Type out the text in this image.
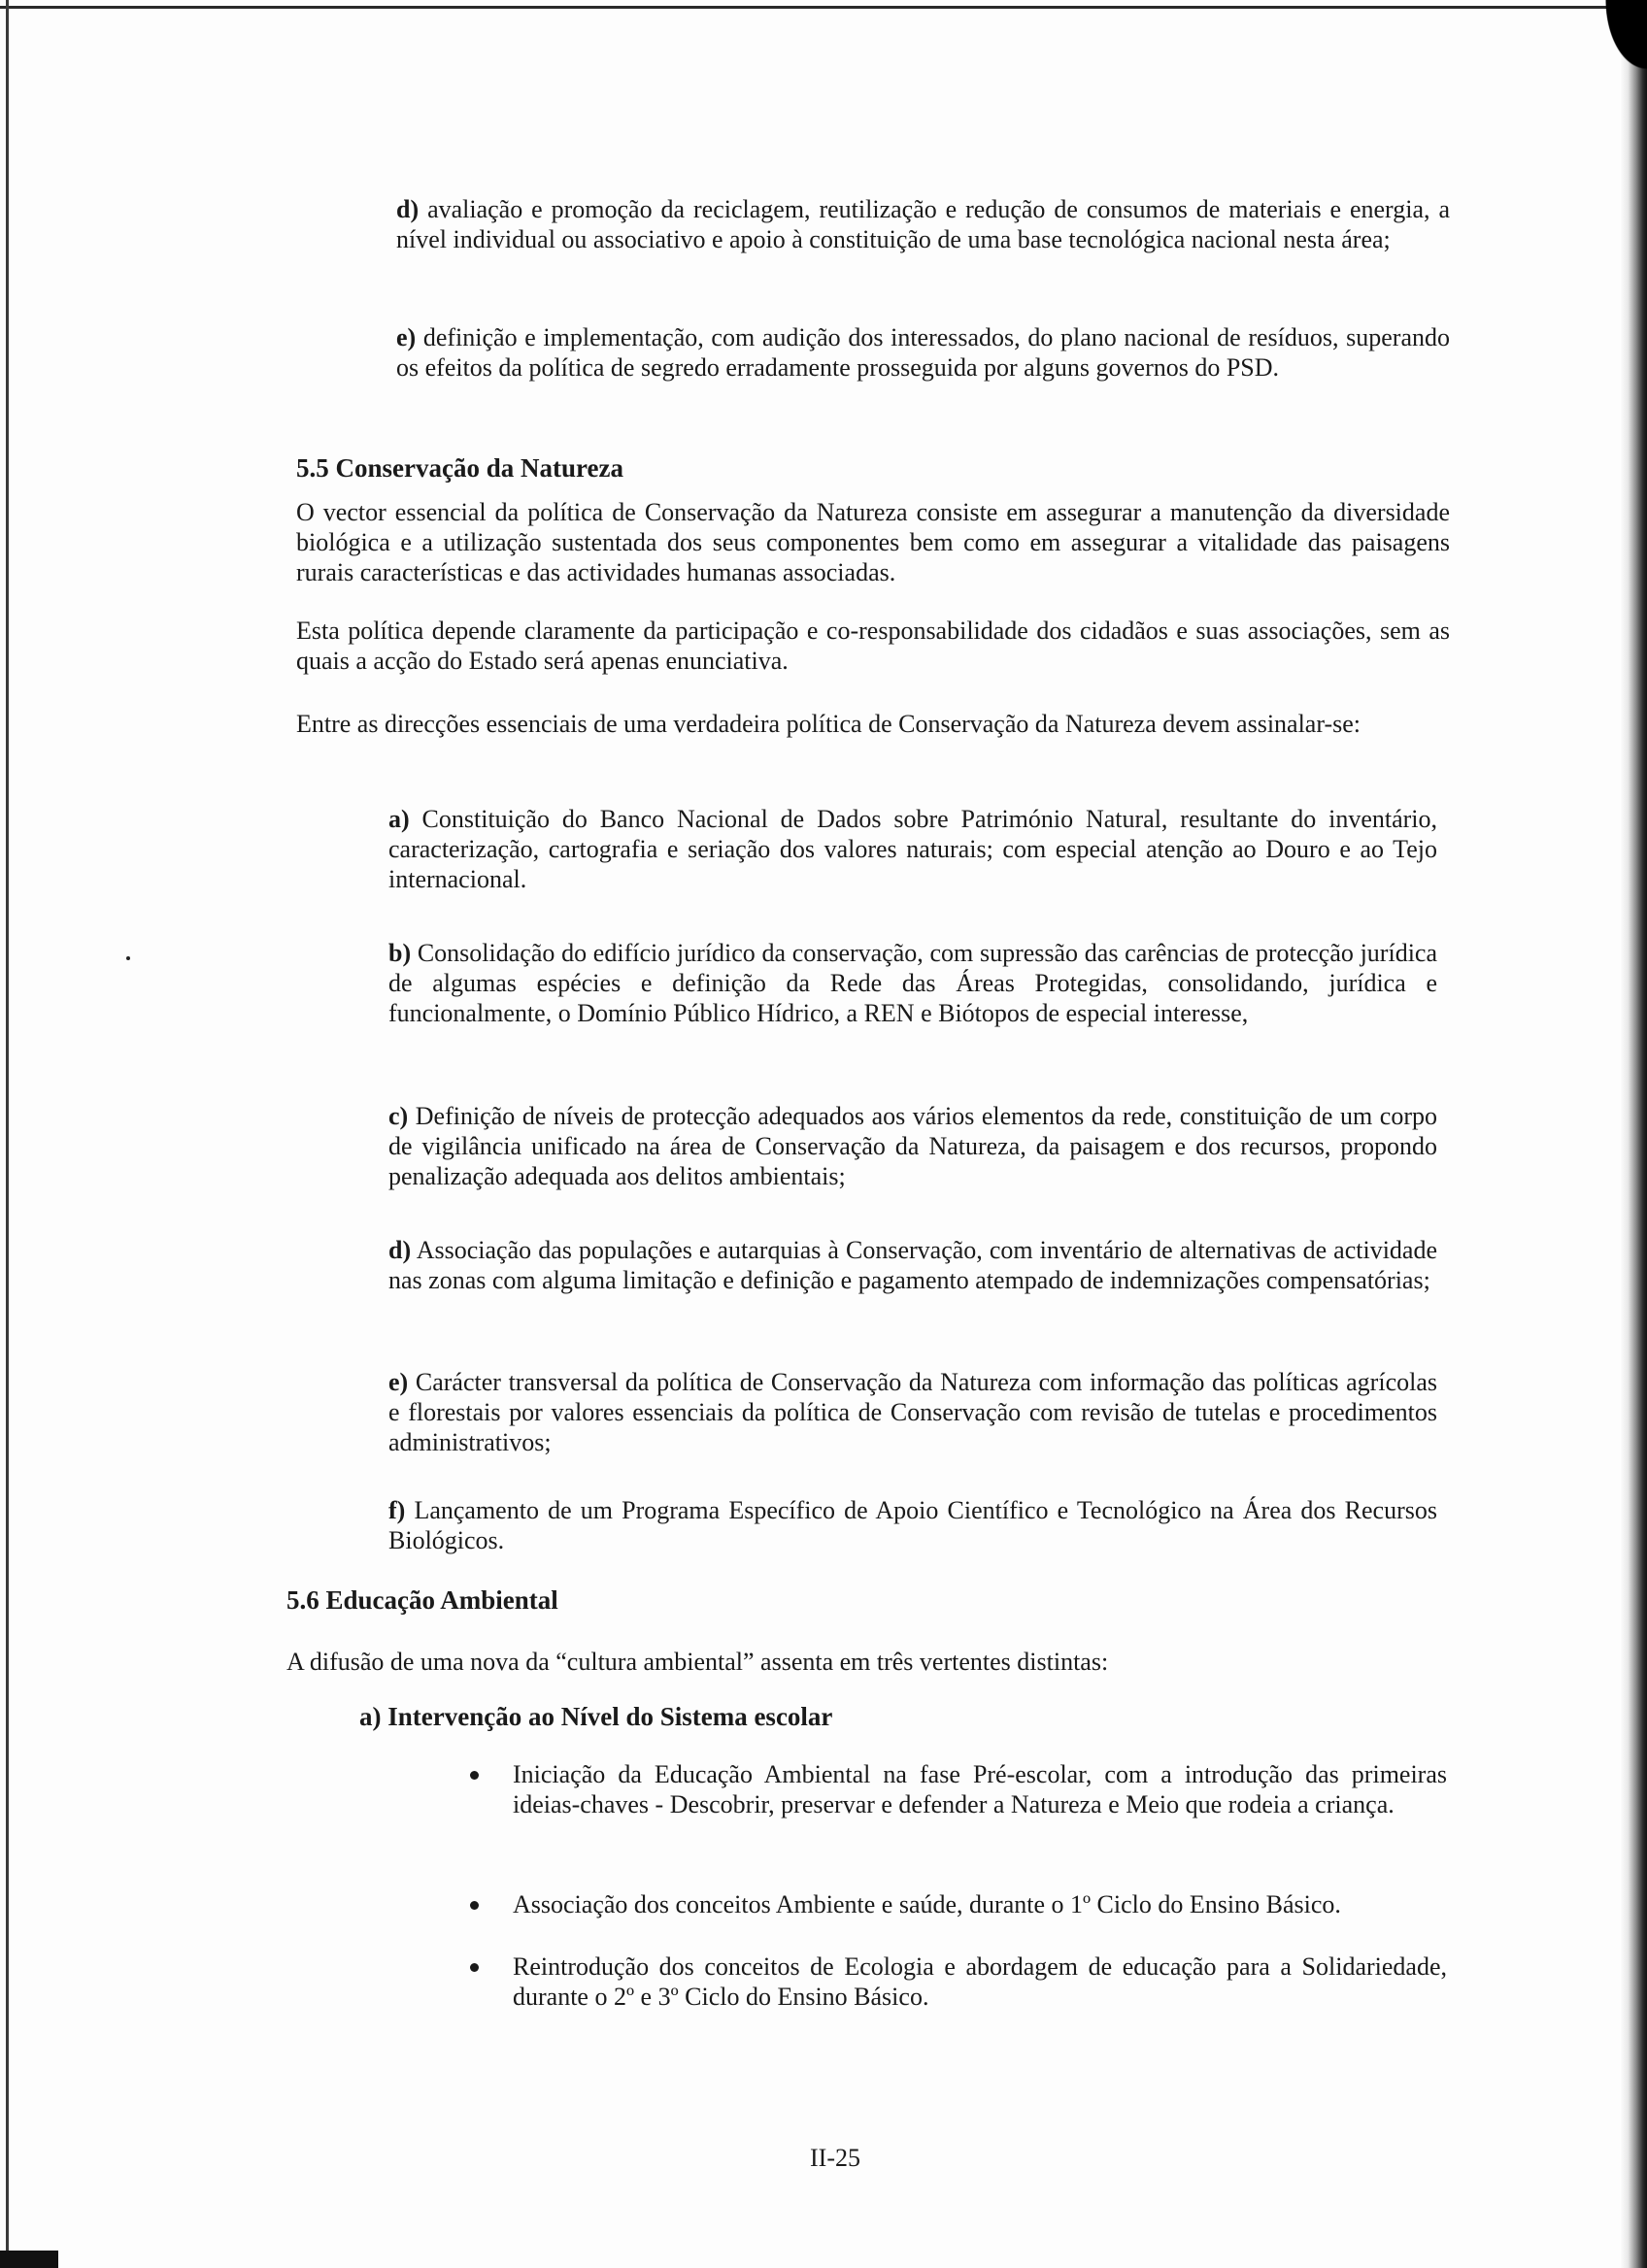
d) avaliação e promoção da reciclagem, reutilização e redução de consumos de materiais e energia, a nível individual ou associativo e apoio à constituição de uma base tecnológica nacional nesta área;
e) definição e implementação, com audição dos interessados, do plano nacional de resíduos, superando os efeitos da política de segredo erradamente prosseguida por alguns governos do PSD.
5.5 Conservação da Natureza
O vector essencial da política de Conservação da Natureza consiste em assegurar a manutenção da diversidade biológica e a utilização sustentada dos seus componentes bem como em assegurar a vitalidade das paisagens rurais características e das actividades humanas associadas.
Esta política depende claramente da participação e co-responsabilidade dos cidadãos e suas associações, sem as quais a acção do Estado será apenas enunciativa.
Entre as direcções essenciais de uma verdadeira política de Conservação da Natureza devem assinalar-se:
a) Constituição do Banco Nacional de Dados sobre Património Natural, resultante do inventário, caracterização, cartografia e seriação dos valores naturais; com especial atenção ao Douro e ao Tejo internacional.
b) Consolidação do edifício jurídico da conservação, com supressão das carências de protecção jurídica de algumas espécies e definição da Rede das Áreas Protegidas, consolidando, jurídica e funcionalmente, o Domínio Público Hídrico, a REN e Biótopos de especial interesse,
c) Definição de níveis de protecção adequados aos vários elementos da rede, constituição de um corpo de vigilância unificado na área de Conservação da Natureza, da paisagem e dos recursos, propondo penalização adequada aos delitos ambientais;
d) Associação das populações e autarquias à Conservação, com inventário de alternativas de actividade nas zonas com alguma limitação e definição e pagamento atempado de indemnizações compensatórias;
e) Carácter transversal da política de Conservação da Natureza com informação das políticas agrícolas e florestais por valores essenciais da política de Conservação com revisão de tutelas e procedimentos administrativos;
f) Lançamento de um Programa Específico de Apoio Científico e Tecnológico na Área dos Recursos Biológicos.
5.6 Educação Ambiental
A difusão de uma nova da “cultura ambiental” assenta em três vertentes distintas:
a) Intervenção ao Nível do Sistema escolar
Iniciação da Educação Ambiental na fase Pré-escolar, com a introdução das primeiras ideias-chaves - Descobrir, preservar e defender a Natureza e Meio que rodeia a criança.
Associação dos conceitos Ambiente e saúde, durante o 1º Ciclo do Ensino Básico.
Reintrodução dos conceitos de Ecologia e abordagem de educação para a Solidariedade, durante o 2º e 3º Ciclo do Ensino Básico.
II-25
